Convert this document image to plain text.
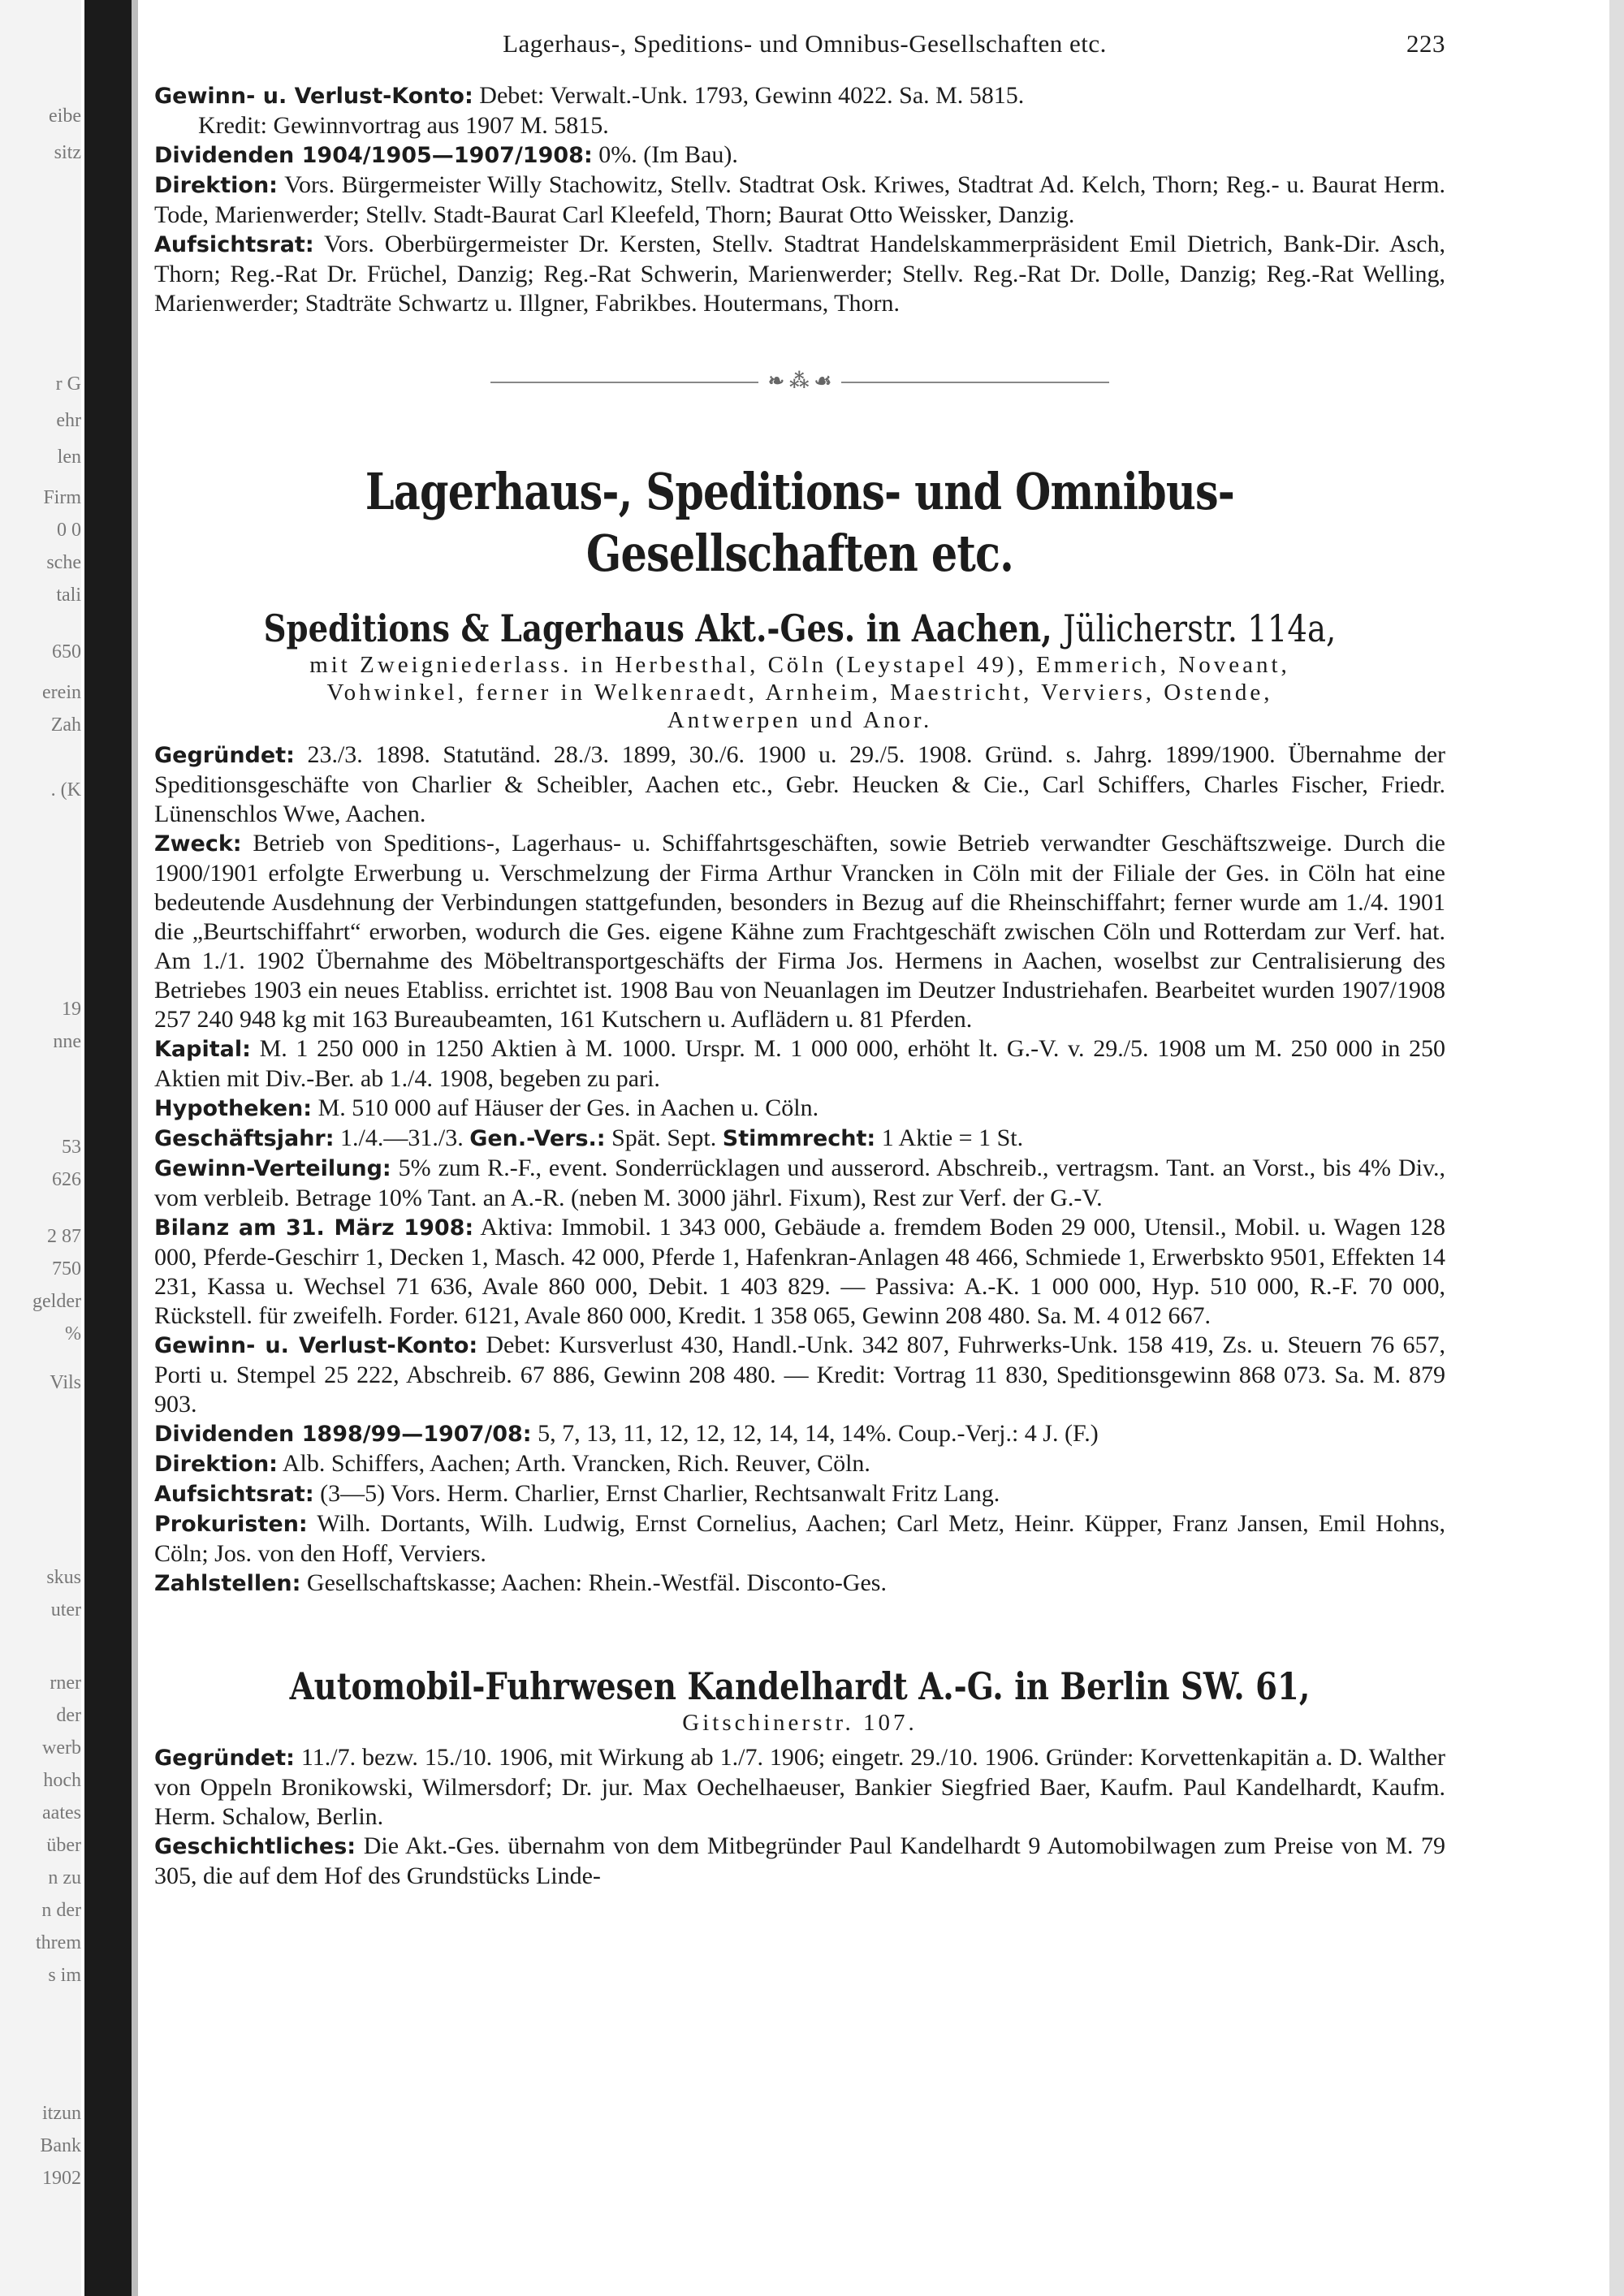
eibe
sitz
r G
ehr
len
Firm
0 0
sche
tali
650
erein
Zah
. (K
19
nne
53
626
2 87
750
gelder
%
Vils
skus
uter
rner
der
werb
hoch
aates
über
n zu
n der
threm
s im
itzun
Bank
1902
Lagerhaus-, Speditions- und Omnibus-Gesellschaften etc.	223

Gewinn- u. Verlust-Konto: Debet: Verwalt.-Unk. 1793, Gewinn 4022. Sa. M. 5815.

Kredit: Gewinnvortrag aus 1907 M. 5815.

Dividenden 1904/1905—1907/1908: 0%. (Im Bau).

Direktion: Vors. Bürgermeister Willy Stachowitz, Stellv. Stadtrat Osk. Kriwes, Stadtrat Ad. Kelch, Thorn; Reg.- u. Baurat Herm. Tode, Marienwerder; Stellv. Stadt-Baurat Carl Kleefeld, Thorn; Baurat Otto Weissker, Danzig.

Aufsichtsrat: Vors. Oberbürgermeister Dr. Kersten, Stellv. Stadtrat Handelskammerpräsident Emil Dietrich, Bank-Dir. Asch, Thorn; Reg.-Rat Dr. Früchel, Danzig; Reg.-Rat Schwerin, Marienwerder; Stellv. Reg.-Rat Dr. Dolle, Danzig; Reg.-Rat Welling, Marienwerder; Stadträte Schwartz u. Illgner, Fabrikbes. Houtermans, Thorn.

❧ ⁂ ☙
Lagerhaus-, Speditions- und Omnibus-Gesellschaften etc.
Speditions & Lagerhaus Akt.-Ges. in Aachen, Jülicherstr. 114a,
mit Zweigniederlass. in Herbesthal, Cöln (Leystapel 49), Emmerich, Noveant,
Vohwinkel, ferner in Welkenraedt, Arnheim, Maestricht, Verviers, Ostende,
Antwerpen und Anor.

Gegründet: 23./3. 1898. Statutänd. 28./3. 1899, 30./6. 1900 u. 29./5. 1908. Gründ. s. Jahrg. 1899/1900. Übernahme der Speditionsgeschäfte von Charlier & Scheibler, Aachen etc., Gebr. Heucken & Cie., Carl Schiffers, Charles Fischer, Friedr. Lünenschlos Wwe, Aachen.

Zweck: Betrieb von Speditions-, Lagerhaus- u. Schiffahrtsgeschäften, sowie Betrieb verwandter Geschäftszweige. Durch die 1900/1901 erfolgte Erwerbung u. Verschmelzung der Firma Arthur Vrancken in Cöln mit der Filiale der Ges. in Cöln hat eine bedeutende Ausdehnung der Verbindungen stattgefunden, besonders in Bezug auf die Rheinschiffahrt; ferner wurde am 1./4. 1901 die „Beurtschiffahrt“ erworben, wodurch die Ges. eigene Kähne zum Frachtgeschäft zwischen Cöln und Rotterdam zur Verf. hat. Am 1./1. 1902 Übernahme des Möbeltransportgeschäfts der Firma Jos. Hermens in Aachen, woselbst zur Centralisierung des Betriebes 1903 ein neues Etabliss. errichtet ist. 1908 Bau von Neuanlagen im Deutzer Industriehafen. Bearbeitet wurden 1907/1908 257 240 948 kg mit 163 Bureaubeamten, 161 Kutschern u. Auflädern u. 81 Pferden.

Kapital: M. 1 250 000 in 1250 Aktien à M. 1000. Urspr. M. 1 000 000, erhöht lt. G.-V. v. 29./5. 1908 um M. 250 000 in 250 Aktien mit Div.-Ber. ab 1./4. 1908, begeben zu pari.

Hypotheken: M. 510 000 auf Häuser der Ges. in Aachen u. Cöln.

Geschäftsjahr: 1./4.—31./3. Gen.-Vers.: Spät. Sept. Stimmrecht: 1 Aktie = 1 St.

Gewinn-Verteilung: 5% zum R.-F., event. Sonderrücklagen und ausserord. Abschreib., vertragsm. Tant. an Vorst., bis 4% Div., vom verbleib. Betrage 10% Tant. an A.-R. (neben M. 3000 jährl. Fixum), Rest zur Verf. der G.-V.

Bilanz am 31. März 1908: Aktiva: Immobil. 1 343 000, Gebäude a. fremdem Boden 29 000, Utensil., Mobil. u. Wagen 128 000, Pferde-Geschirr 1, Decken 1, Masch. 42 000, Pferde 1, Hafenkran-Anlagen 48 466, Schmiede 1, Erwerbskto 9501, Effekten 14 231, Kassa u. Wechsel 71 636, Avale 860 000, Debit. 1 403 829. — Passiva: A.-K. 1 000 000, Hyp. 510 000, R.-F. 70 000, Rückstell. für zweifelh. Forder. 6121, Avale 860 000, Kredit. 1 358 065, Gewinn 208 480. Sa. M. 4 012 667.

Gewinn- u. Verlust-Konto: Debet: Kursverlust 430, Handl.-Unk. 342 807, Fuhrwerks-Unk. 158 419, Zs. u. Steuern 76 657, Porti u. Stempel 25 222, Abschreib. 67 886, Gewinn 208 480. — Kredit: Vortrag 11 830, Speditionsgewinn 868 073. Sa. M. 879 903.

Dividenden 1898/99—1907/08: 5, 7, 13, 11, 12, 12, 12, 14, 14, 14%. Coup.-Verj.: 4 J. (F.)

Direktion: Alb. Schiffers, Aachen; Arth. Vrancken, Rich. Reuver, Cöln.

Aufsichtsrat: (3—5) Vors. Herm. Charlier, Ernst Charlier, Rechtsanwalt Fritz Lang.

Prokuristen: Wilh. Dortants, Wilh. Ludwig, Ernst Cornelius, Aachen; Carl Metz, Heinr. Küpper, Franz Jansen, Emil Hohns, Cöln; Jos. von den Hoff, Verviers.

Zahlstellen: Gesellschaftskasse; Aachen: Rhein.-Westfäl. Disconto-Ges.

Automobil-Fuhrwesen Kandelhardt A.-G. in Berlin SW. 61,
Gitschinerstr. 107.

Gegründet: 11./7. bezw. 15./10. 1906, mit Wirkung ab 1./7. 1906; eingetr. 29./10. 1906. Gründer: Korvettenkapitän a. D. Walther von Oppeln Bronikowski, Wilmersdorf; Dr. jur. Max Oechelhaeuser, Bankier Siegfried Baer, Kaufm. Paul Kandelhardt, Kaufm. Herm. Schalow, Berlin.

Geschichtliches: Die Akt.-Ges. übernahm von dem Mitbegründer Paul Kandelhardt 9 Automobilwagen zum Preise von M. 79 305, die auf dem Hof des Grundstücks Linde-
